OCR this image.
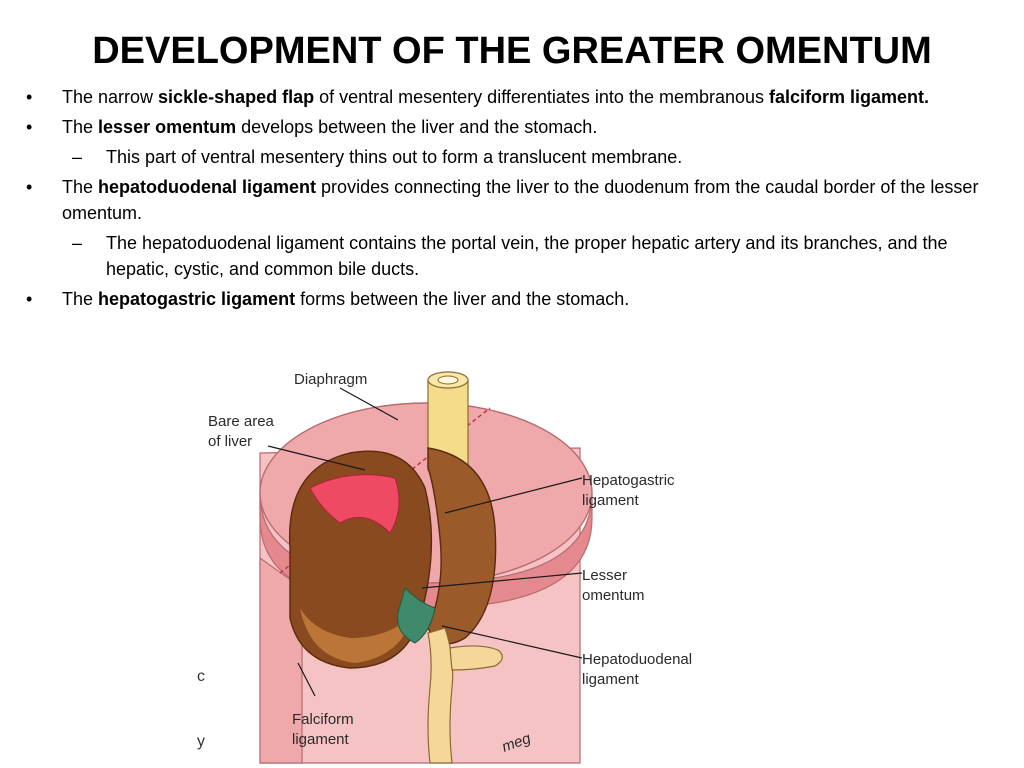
DEVELOPMENT OF THE GREATER OMENTUM
• The narrow sickle-shaped flap of ventral mesentery differentiates into the membranous falciform ligament.
• The lesser omentum develops between the liver and the stomach.
– This part of ventral mesentery thins out to form a translucent membrane.
• The hepatoduodenal ligament provides connecting the liver to the duodenum from the caudal border of the lesser omentum.
– The hepatoduodenal ligament contains the portal vein, the proper hepatic artery and its branches, and the hepatic, cystic, and common bile ducts.
• The hepatogastric ligament forms between the liver and the stomach.
c
y
Diaphragm
Bare area
of liver
Hepatogastric
ligament
Lesser
omentum
Hepatoduodenal
ligament
Falciform
ligament	meg
